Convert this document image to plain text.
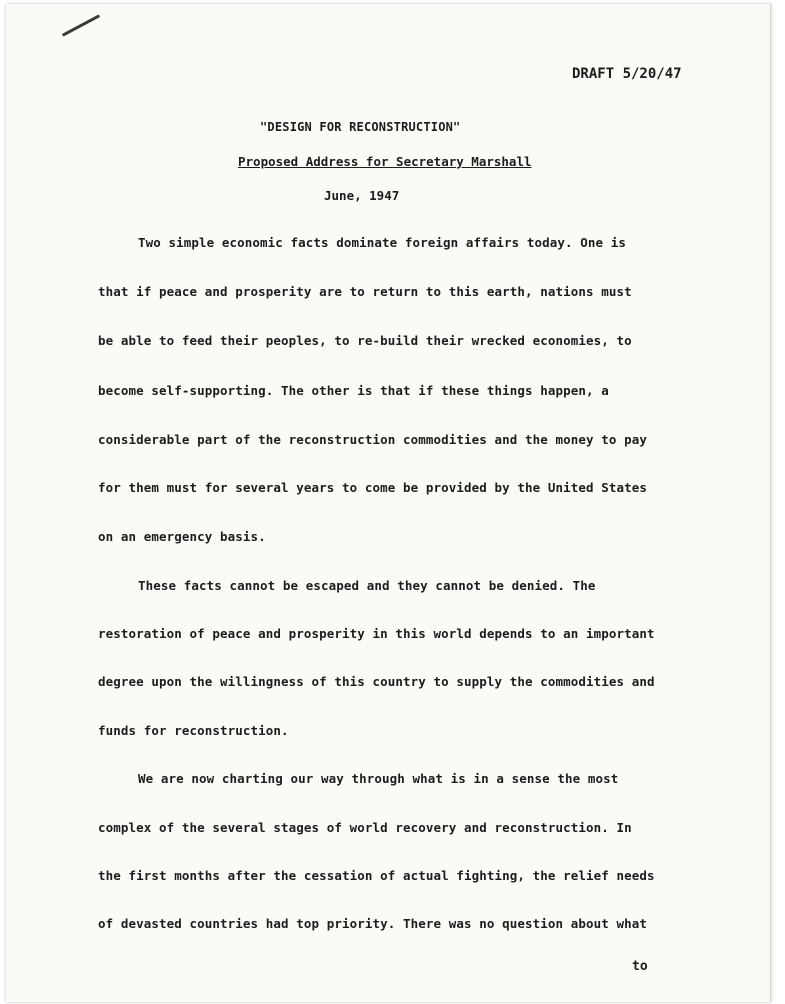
DRAFT 5/20/47
"DESIGN FOR RECONSTRUCTION"
Proposed Address for Secretary Marshall
June, 1947
Two simple economic facts dominate foreign affairs today. One is
that if peace and prosperity are to return to this earth, nations must
be able to feed their peoples, to re-build their wrecked economies, to
become self-supporting. The other is that if these things happen, a
considerable part of the reconstruction commodities and the money to pay
for them must for several years to come be provided by the United States
on an emergency basis.
These facts cannot be escaped and they cannot be denied. The
restoration of peace and prosperity in this world depends to an important
degree upon the willingness of this country to supply the commodities and
funds for reconstruction.
We are now charting our way through what is in a sense the most
complex of the several stages of world recovery and reconstruction. In
the first months after the cessation of actual fighting, the relief needs
of devasted countries had top priority. There was no question about what
to
